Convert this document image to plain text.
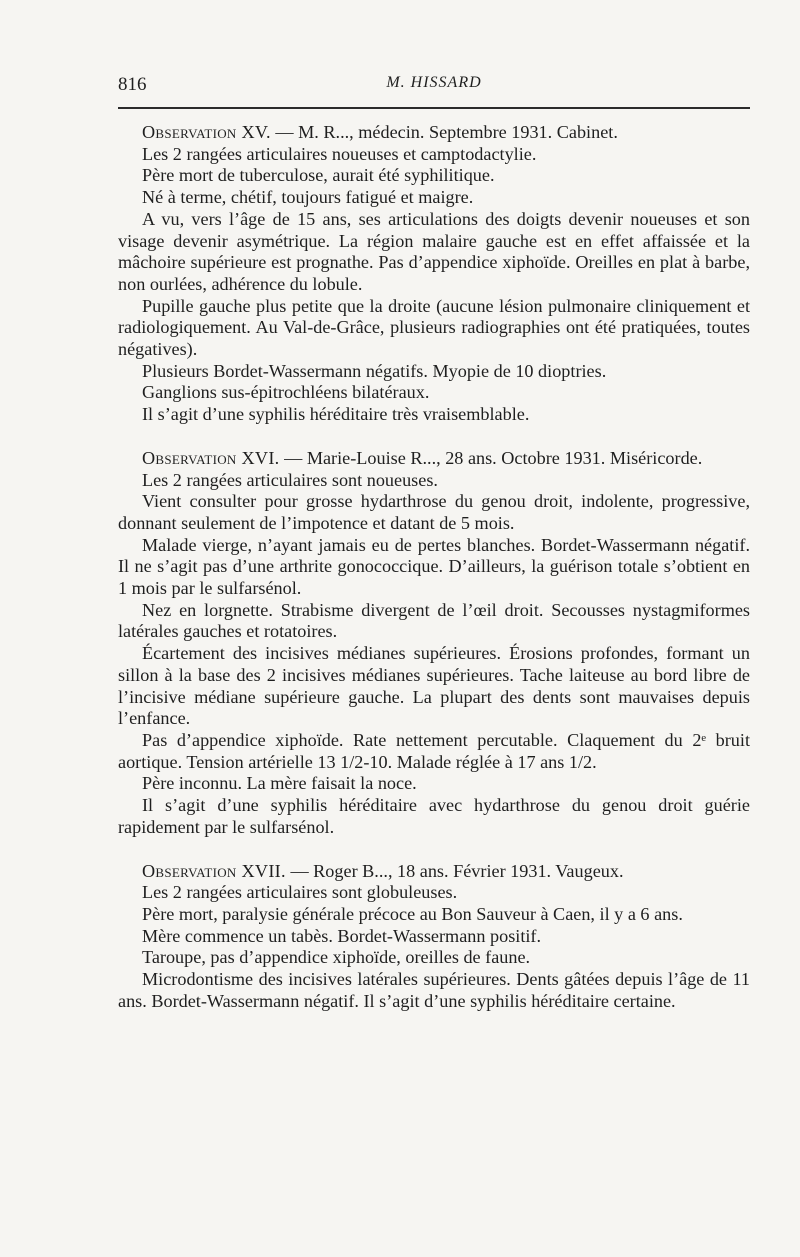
816	M. HISSARD

Observation XV. — M. R..., médecin. Septembre 1931. Cabinet.

Les 2 rangées articulaires noueuses et camptodactylie.

Père mort de tuberculose, aurait été syphilitique.

Né à terme, chétif, toujours fatigué et maigre.

A vu, vers l’âge de 15 ans, ses articulations des doigts devenir noueuses et son visage devenir asymétrique. La région malaire gauche est en effet affaissée et la mâchoire supérieure est prognathe. Pas d’appendice xiphoïde. Oreilles en plat à barbe, non ourlées, adhérence du lobule.

Pupille gauche plus petite que la droite (aucune lésion pulmonaire cliniquement et radiologiquement. Au Val-de-Grâce, plusieurs radiographies ont été pratiquées, toutes négatives).

Plusieurs Bordet-Wassermann négatifs. Myopie de 10 dioptries.

Ganglions sus-épitrochléens bilatéraux.

Il s’agit d’une syphilis héréditaire très vraisemblable.

Observation XVI. — Marie-Louise R..., 28 ans. Octobre 1931. Miséricorde.

Les 2 rangées articulaires sont noueuses.

Vient consulter pour grosse hydarthrose du genou droit, indolente, progressive, donnant seulement de l’impotence et datant de 5 mois.

Malade vierge, n’ayant jamais eu de pertes blanches. Bordet-Wassermann négatif. Il ne s’agit pas d’une arthrite gonococcique. D’ailleurs, la guérison totale s’obtient en 1 mois par le sulfarsénol.

Nez en lorgnette. Strabisme divergent de l’œil droit. Secousses nystagmiformes latérales gauches et rotatoires.

Écartement des incisives médianes supérieures. Érosions profondes, formant un sillon à la base des 2 incisives médianes supérieures. Tache laiteuse au bord libre de l’incisive médiane supérieure gauche. La plupart des dents sont mauvaises depuis l’enfance.

Pas d’appendice xiphoïde. Rate nettement percutable. Claquement du 2ᵉ bruit aortique. Tension artérielle 13 1/2-10. Malade réglée à 17 ans 1/2.

Père inconnu. La mère faisait la noce.

Il s’agit d’une syphilis héréditaire avec hydarthrose du genou droit guérie rapidement par le sulfarsénol.

Observation XVII. — Roger B..., 18 ans. Février 1931. Vaugeux.

Les 2 rangées articulaires sont globuleuses.

Père mort, paralysie générale précoce au Bon Sauveur à Caen, il y a 6 ans.

Mère commence un tabès. Bordet-Wassermann positif.

Taroupe, pas d’appendice xiphoïde, oreilles de faune.

Microdontisme des incisives latérales supérieures. Dents gâtées depuis l’âge de 11 ans. Bordet-Wassermann négatif. Il s’agit d’une syphilis héréditaire certaine.
